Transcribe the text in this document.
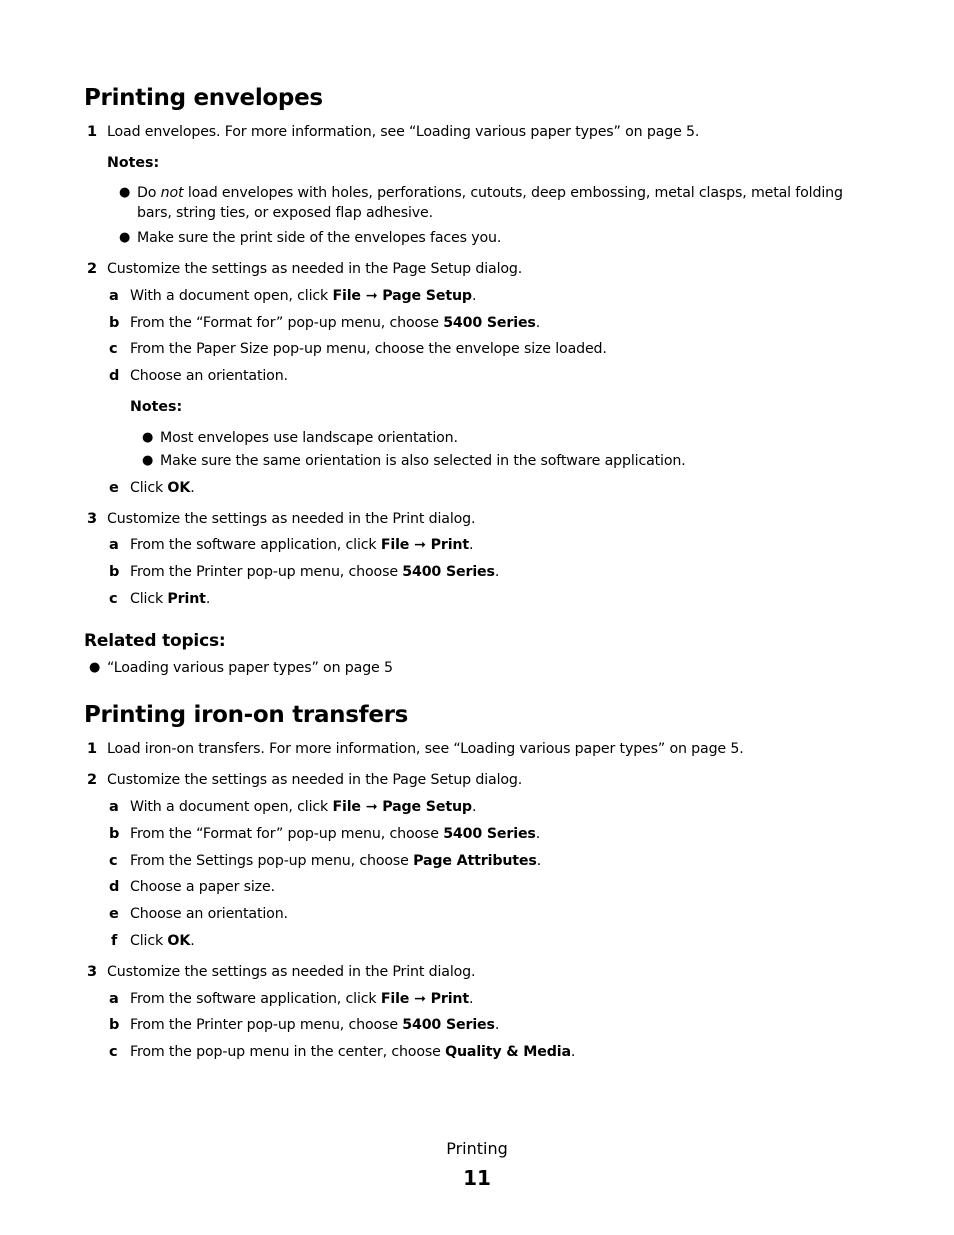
Printing envelopes
1 Load envelopes. For more information, see “Loading various paper types” on page 5.
Notes:
● Do not load envelopes with holes, perforations, cutouts, deep embossing, metal clasps, metal folding bars, string ties, or exposed flap adhesive.
● Make sure the print side of the envelopes faces you.
2 Customize the settings as needed in the Page Setup dialog.
a With a document open, click File ➞ Page Setup.
b From the “Format for” pop-up menu, choose 5400 Series.
c From the Paper Size pop-up menu, choose the envelope size loaded.
d Choose an orientation.
Notes:
● Most envelopes use landscape orientation.
● Make sure the same orientation is also selected in the software application.
e Click OK.
3 Customize the settings as needed in the Print dialog.
a From the software application, click File ➞ Print.
b From the Printer pop-up menu, choose 5400 Series.
c Click Print.
Related topics:
● “Loading various paper types” on page 5
Printing iron-on transfers
1 Load iron-on transfers. For more information, see “Loading various paper types” on page 5.
2 Customize the settings as needed in the Page Setup dialog.
a With a document open, click File ➞ Page Setup.
b From the “Format for” pop-up menu, choose 5400 Series.
c From the Settings pop-up menu, choose Page Attributes.
d Choose a paper size.
e Choose an orientation.
f Click OK.
3 Customize the settings as needed in the Print dialog.
a From the software application, click File ➞ Print.
b From the Printer pop-up menu, choose 5400 Series.
c From the pop-up menu in the center, choose Quality & Media.
Printing
11
